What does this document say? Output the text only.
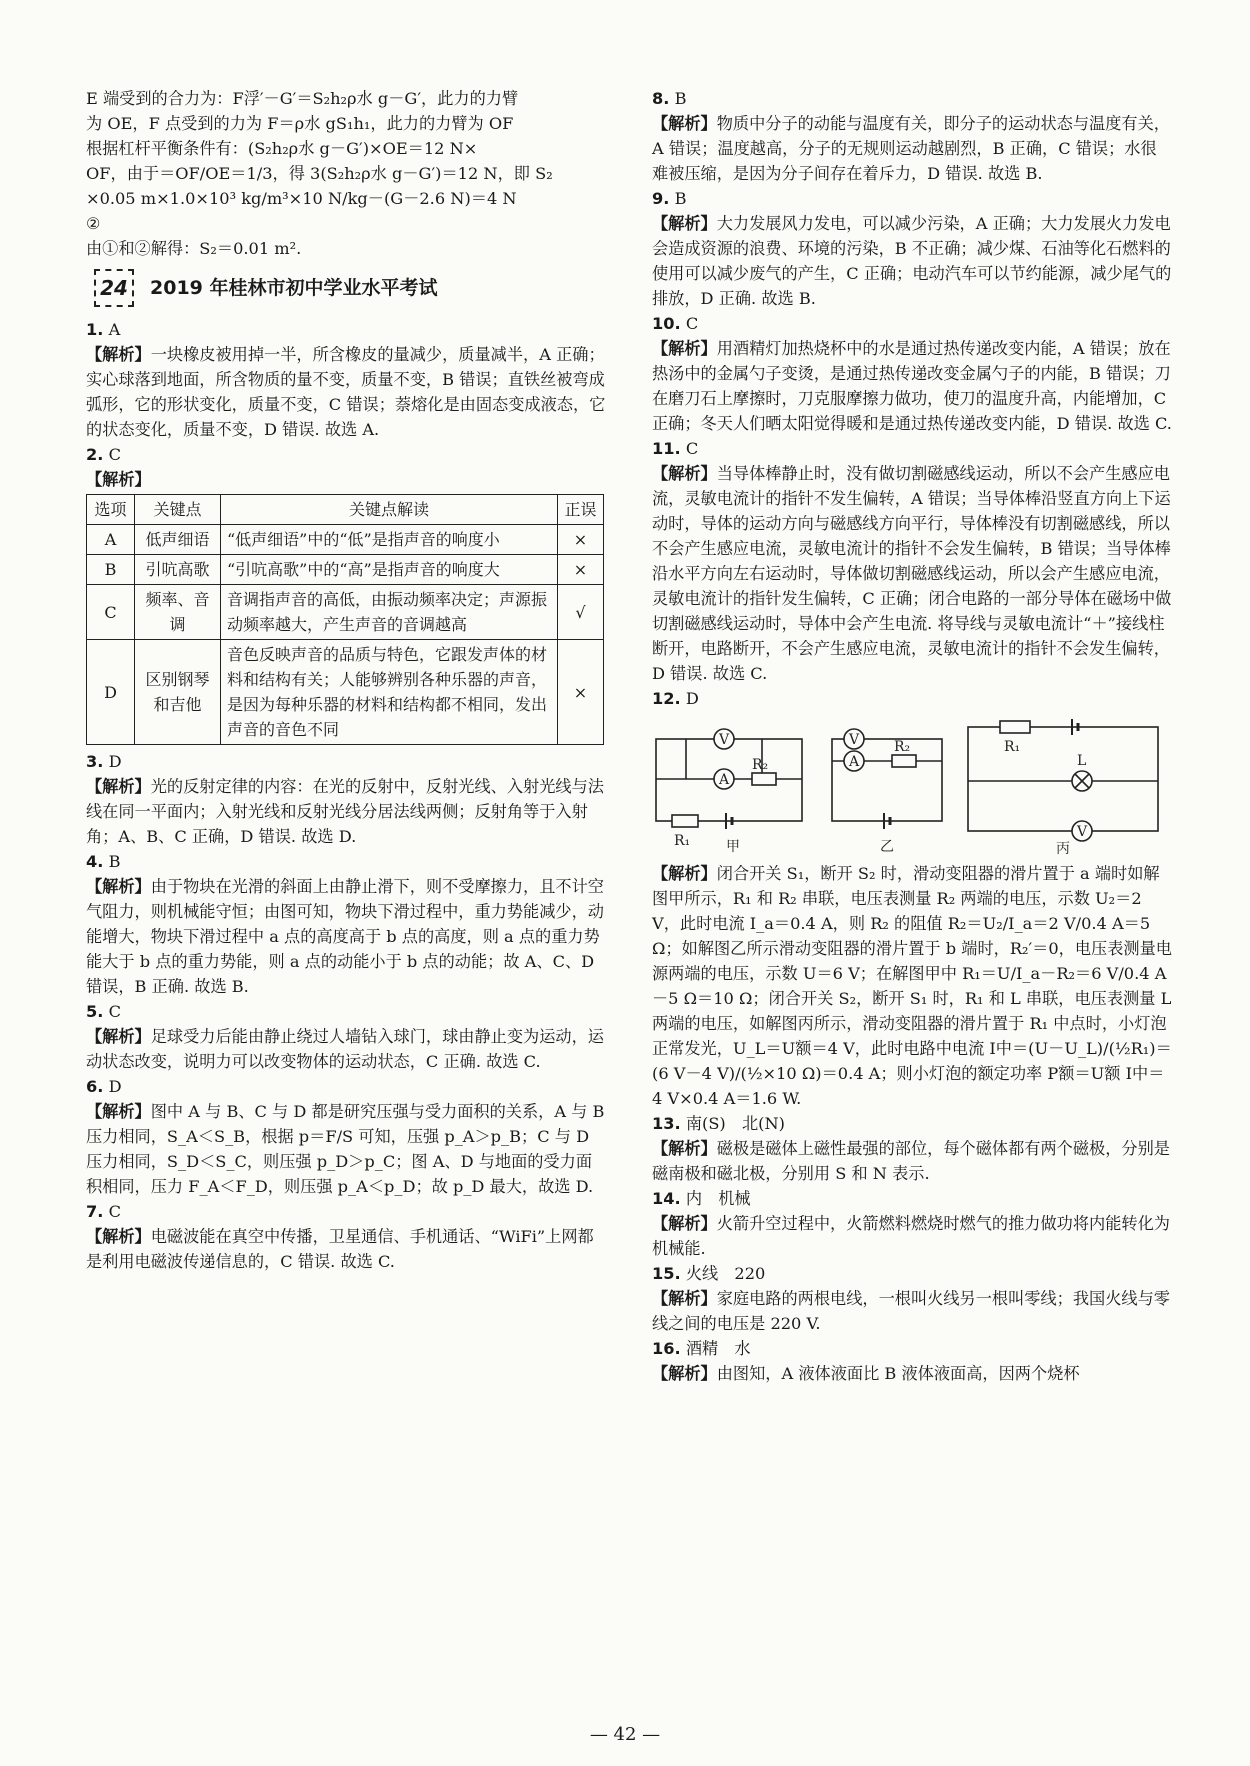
E 端受到的合力为：F浮′－G′＝S₂h₂ρ水 g－G′，此力的力臂

为 OE，F 点受到的力为 F＝ρ水 gS₁h₁，此力的力臂为 OF

根据杠杆平衡条件有：(S₂h₂ρ水 g－G′)×OE＝12 N×

OF，由于＝OF/OE＝1/3，得 3(S₂h₂ρ水 g－G′)＝12 N，即 S₂

×0.05 m×1.0×10³ kg/m³×10 N/kg－(G－2.6 N)＝4 N

②

由①和②解得：S₂＝0.01 m².

24	2019 年桂林市初中学业水平考试

1. A

【解析】一块橡皮被用掉一半，所含橡皮的量减少，质量减半，A 正确；实心球落到地面，所含物质的量不变，质量不变，B 错误；直铁丝被弯成弧形，它的形状变化，质量不变，C 错误；萘熔化是由固态变成液态，它的状态变化，质量不变，D 错误. 故选 A.

2. C

【解析】

选项	关键点	关键点解读	正误
A	低声细语	“低声细语”中的“低”是指声音的响度小	×
B	引吭高歌	“引吭高歌”中的“高”是指声音的响度大	×
C	频率、音调	音调指声音的高低，由振动频率决定；声源振动频率越大，产生声音的音调越高	√
D	区别钢琴和吉他	音色反映声音的品质与特色，它跟发声体的材料和结构有关；人能够辨别各种乐器的声音，是因为每种乐器的材料和结构都不相同，发出声音的音色不同	×

3. D

【解析】光的反射定律的内容：在光的反射中，反射光线、入射光线与法线在同一平面内；入射光线和反射光线分居法线两侧；反射角等于入射角；A、B、C 正确，D 错误. 故选 D.

4. B

【解析】由于物块在光滑的斜面上由静止滑下，则不受摩擦力，且不计空气阻力，则机械能守恒；由图可知，物块下滑过程中，重力势能减少，动能增大，物块下滑过程中 a 点的高度高于 b 点的高度，则 a 点的重力势能大于 b 点的重力势能，则 a 点的动能小于 b 点的动能；故 A、C、D 错误，B 正确. 故选 B.

5. C

【解析】足球受力后能由静止绕过人墙钻入球门，球由静止变为运动，运动状态改变，说明力可以改变物体的运动状态，C 正确. 故选 C.

6. D

【解析】图中 A 与 B、C 与 D 都是研究压强与受力面积的关系，A 与 B 压力相同，S_A＜S_B，根据 p＝F/S 可知，压强 p_A＞p_B；C 与 D 压力相同，S_D＜S_C，则压强 p_D＞p_C；图 A、D 与地面的受力面积相同，压力 F_A＜F_D，则压强 p_A＜p_D；故 p_D 最大，故选 D.

7. C

【解析】电磁波能在真空中传播，卫星通信、手机通话、“WiFi”上网都是利用电磁波传递信息的，C 错误. 故选 C.

8. B

【解析】物质中分子的动能与温度有关，即分子的运动状态与温度有关，A 错误；温度越高，分子的无规则运动越剧烈，B 正确，C 错误；水很难被压缩，是因为分子间存在着斥力，D 错误. 故选 B.

9. B

【解析】大力发展风力发电，可以减少污染，A 正确；大力发展火力发电会造成资源的浪费、环境的污染，B 不正确；减少煤、石油等化石燃料的使用可以减少废气的产生，C 正确；电动汽车可以节约能源，减少尾气的排放，D 正确. 故选 B.

10. C

【解析】用酒精灯加热烧杯中的水是通过热传递改变内能，A 错误；放在热汤中的金属勺子变烫，是通过热传递改变金属勺子的内能，B 错误；刀在磨刀石上摩擦时，刀克服摩擦力做功，使刀的温度升高，内能增加，C 正确；冬天人们晒太阳觉得暖和是通过热传递改变内能，D 错误. 故选 C.

11. C

【解析】当导体棒静止时，没有做切割磁感线运动，所以不会产生感应电流，灵敏电流计的指针不发生偏转，A 错误；当导体棒沿竖直方向上下运动时，导体的运动方向与磁感线方向平行，导体棒没有切割磁感线，所以不会产生感应电流，灵敏电流计的指针不会发生偏转，B 错误；当导体棒沿水平方向左右运动时，导体做切割磁感线运动，所以会产生感应电流，灵敏电流计的指针发生偏转，C 正确；闭合电路的一部分导体在磁场中做切割磁感线运动时，导体中会产生电流. 将导线与灵敏电流计“＋”接线柱断开，电路断开，不会产生感应电流，灵敏电流计的指针不会发生偏转，D 错误. 故选 C.

12. D

V
A
R₂
R₁	甲
V
A
R₂
乙
R₁
L
V
丙

【解析】闭合开关 S₁，断开 S₂ 时，滑动变阻器的滑片置于 a 端时如解图甲所示，R₁ 和 R₂ 串联，电压表测量 R₂ 两端的电压，示数 U₂＝2 V，此时电流 I_a＝0.4 A，则 R₂ 的阻值 R₂＝U₂/I_a＝2 V/0.4 A＝5 Ω；如解图乙所示滑动变阻器的滑片置于 b 端时，R₂′＝0，电压表测量电源两端的电压，示数 U＝6 V；在解图甲中 R₁＝U/I_a－R₂＝6 V/0.4 A－5 Ω＝10 Ω；闭合开关 S₂，断开 S₁ 时，R₁ 和 L 串联，电压表测量 L 两端的电压，如解图丙所示，滑动变阻器的滑片置于 R₁ 中点时，小灯泡正常发光，U_L＝U额＝4 V，此时电路中电流 I中＝(U－U_L)/(½R₁)＝(6 V－4 V)/(½×10 Ω)＝0.4 A；则小灯泡的额定功率 P额＝U额 I中＝4 V×0.4 A＝1.6 W.

13. 南(S)　北(N)

【解析】磁极是磁体上磁性最强的部位，每个磁体都有两个磁极，分别是磁南极和磁北极，分别用 S 和 N 表示.

14. 内　机械

【解析】火箭升空过程中，火箭燃料燃烧时燃气的推力做功将内能转化为机械能.

15. 火线　220

【解析】家庭电路的两根电线，一根叫火线另一根叫零线；我国火线与零线之间的电压是 220 V.

16. 酒精　水

【解析】由图知，A 液体液面比 B 液体液面高，因两个烧杯

— 42 —
